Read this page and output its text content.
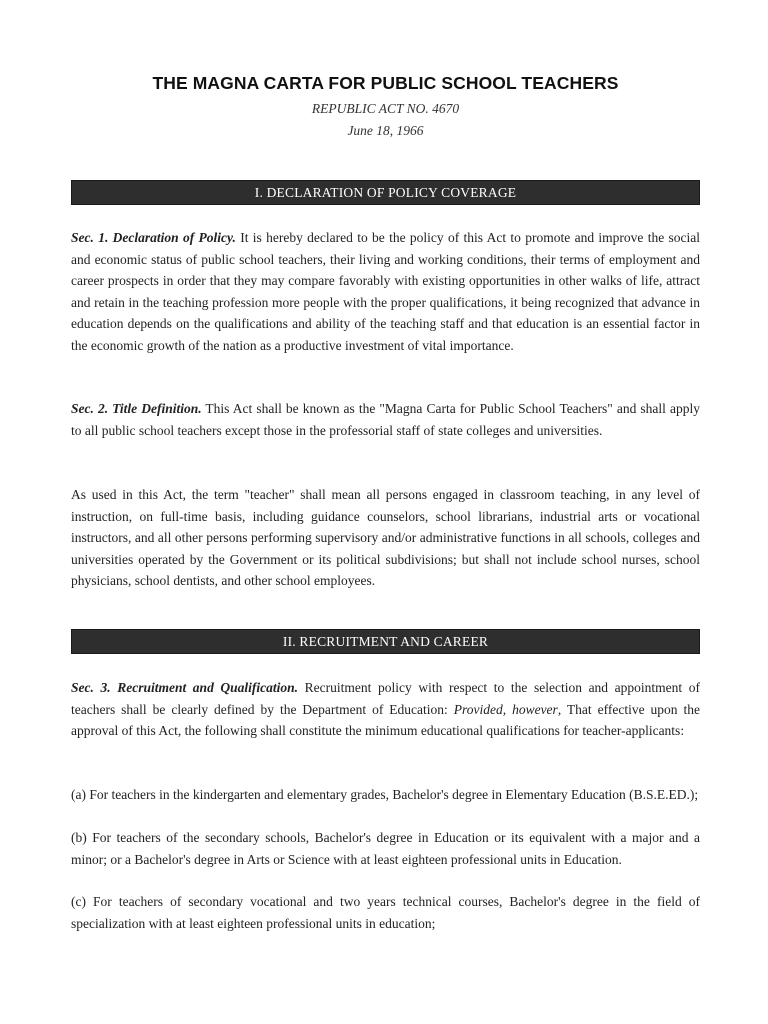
THE MAGNA CARTA FOR PUBLIC SCHOOL TEACHERS
REPUBLIC ACT NO. 4670
June 18, 1966
I. DECLARATION OF POLICY COVERAGE
Sec. 1. Declaration of Policy. It is hereby declared to be the policy of this Act to promote and improve the social and economic status of public school teachers, their living and working conditions, their terms of employment and career prospects in order that they may compare favorably with existing opportunities in other walks of life, attract and retain in the teaching profession more people with the proper qualifications, it being recognized that advance in education depends on the qualifications and ability of the teaching staff and that education is an essential factor in the economic growth of the nation as a productive investment of vital importance.
Sec. 2. Title Definition. This Act shall be known as the "Magna Carta for Public School Teachers" and shall apply to all public school teachers except those in the professorial staff of state colleges and universities.
As used in this Act, the term "teacher" shall mean all persons engaged in classroom teaching, in any level of instruction, on full-time basis, including guidance counselors, school librarians, industrial arts or vocational instructors, and all other persons performing supervisory and/or administrative functions in all schools, colleges and universities operated by the Government or its political subdivisions; but shall not include school nurses, school physicians, school dentists, and other school employees.
II. RECRUITMENT AND CAREER
Sec. 3. Recruitment and Qualification. Recruitment policy with respect to the selection and appointment of teachers shall be clearly defined by the Department of Education: Provided, however, That effective upon the approval of this Act, the following shall constitute the minimum educational qualifications for teacher-applicants:
(a) For teachers in the kindergarten and elementary grades, Bachelor's degree in Elementary Education (B.S.E.ED.);
(b) For teachers of the secondary schools, Bachelor's degree in Education or its equivalent with a major and a minor; or a Bachelor's degree in Arts or Science with at least eighteen professional units in Education.
(c) For teachers of secondary vocational and two years technical courses, Bachelor's degree in the field of specialization with at least eighteen professional units in education;
